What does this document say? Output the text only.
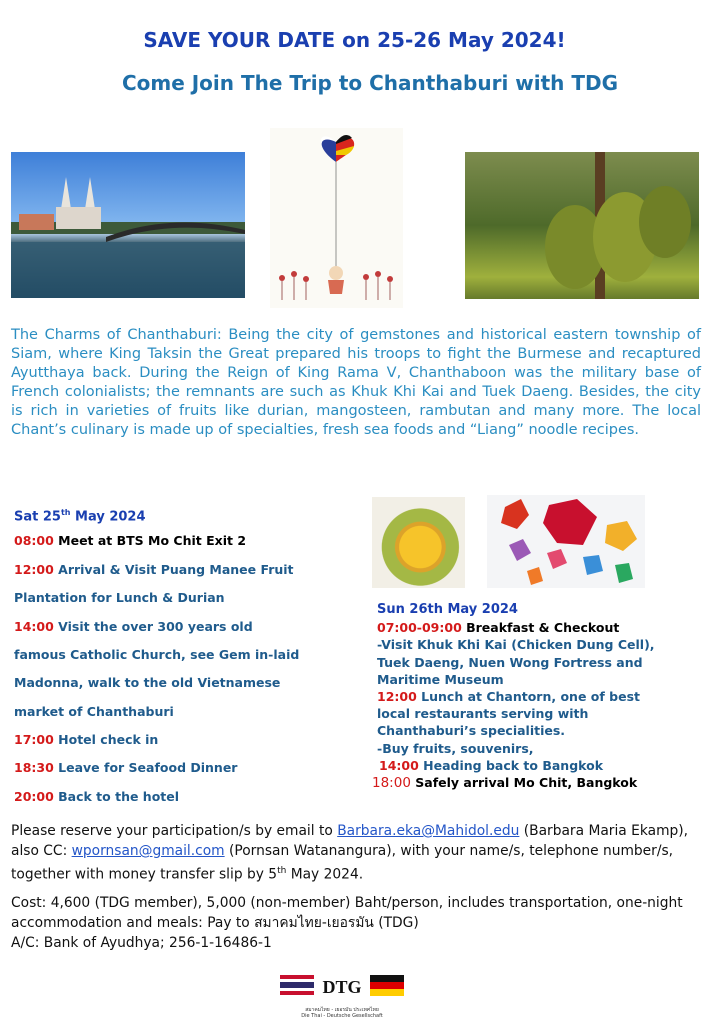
SAVE YOUR DATE on 25-26 May 2024!
Come Join The Trip to Chanthaburi with TDG
The Charms of Chanthaburi: Being the city of gemstones and historical eastern township of Siam, where King Taksin the Great prepared his troops to fight the Burmese and recaptured Ayutthaya back. During the Reign of King Rama V, Chanthaboon was the military base of French colonialists; the remnants are such as Khuk Khi Kai and Tuek Daeng. Besides, the city is rich in varieties of fruits like durian, mangosteen, rambutan and many more. The local Chant’s culinary is made up of specialties, fresh sea foods and “Liang” noodle recipes.
Sat 25th May 2024
08:00 Meet at BTS Mo Chit Exit 2
12:00 Arrival & Visit Puang Manee Fruit
Plantation for Lunch & Durian
14:00 Visit the over 300 years old
famous Catholic Church, see Gem in-laid
Madonna, walk to the old Vietnamese
market of Chanthaburi
17:00 Hotel check in
18:30 Leave for Seafood Dinner
20:00 Back to the hotel
Sun 26th May 2024
07:00-09:00 Breakfast & Checkout
-Visit Khuk Khi Kai (Chicken Dung Cell),
Tuek Daeng, Nuen Wong Fortress and
Maritime Museum
12:00 Lunch at Chantorn, one of best
local restaurants serving with
Chanthaburi’s specialities.
-Buy fruits, souvenirs,
14:00 Heading back to Bangkok
18:00 Safely arrival Mo Chit, Bangkok
Please reserve your participation/s by email to Barbara.eka@Mahidol.edu (Barbara Maria Ekamp), also CC: wpornsan@gmail.com (Pornsan Watanangura), with your name/s, telephone number/s, together with money transfer slip by 5th May 2024.
Cost: 4,600 (TDG member), 5,000 (non-member) Baht/person, includes transportation, one-night accommodation and meals: Pay to สมาคมไทย-เยอรมัน (TDG)
A/C: Bank of Ayudhya; 256-1-16486-1
DTG
สมาคมไทย - เยอรมัน ประเทศไทย
Die Thai - Deutsche Gesellschaft
